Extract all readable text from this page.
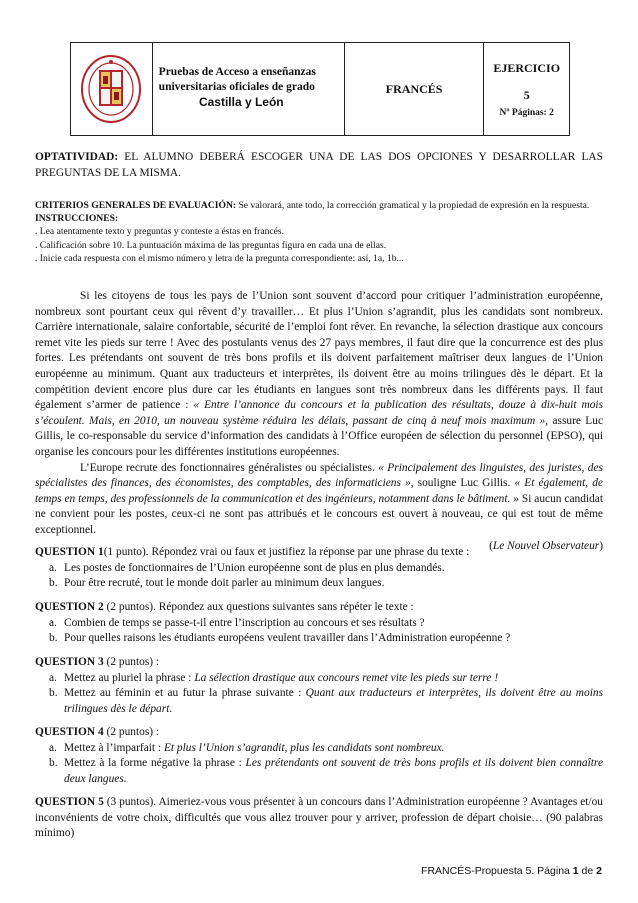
Pruebas de Acceso a enseñanzas
universitarias oficiales de grado
Castilla y León
FRANCÉS
EJERCICIO
5
Nº Páginas: 2
OPTATIVIDAD: EL ALUMNO DEBERÁ ESCOGER UNA DE LAS DOS OPCIONES Y DESARROLLAR LAS PREGUNTAS DE LA MISMA.
CRITERIOS GENERALES DE EVALUACIÓN: Se valorará, ante todo, la corrección gramatical y la propiedad de expresión en la respuesta.
INSTRUCCIONES:
. Lea atentamente texto y preguntas y conteste a éstas en francés.
. Calificación sobre 10. La puntuación máxima de las preguntas figura en cada una de ellas.
. Inicie cada respuesta con el mismo número y letra de la pregunta correspondiente: así, 1a, 1b...
Si les citoyens de tous les pays de l’Union sont souvent d’accord pour critiquer l’administration européenne, nombreux sont pourtant ceux qui rêvent d’y travailler… Et plus l’Union s’agrandit, plus les candidats sont nombreux. Carrière internationale, salaire confortable, sécurité de l’emploi font rêver. En revanche, la sélection drastique aux concours remet vite les pieds sur terre ! Avec des postulants venus des 27 pays membres, il faut dire que la concurrence est des plus fortes. Les prétendants ont souvent de très bons profils et ils doivent parfaitement maîtriser deux langues de l’Union européenne au minimum. Quant aux traducteurs et interprètes, ils doivent être au moins trilingues dès le départ. Et la compétition devient encore plus dure car les étudiants en langues sont très nombreux dans les différents pays. Il faut également s’armer de patience : « Entre l’annonce du concours et la publication des résultats, douze à dix-huit mois s’écoulent. Mais, en 2010, un nouveau système réduira les délais, passant de cinq à neuf mois maximum », assure Luc Gillis, le co-responsable du service d’information des candidats à l’Office européen de sélection du personnel (EPSO), qui organise les concours pour les différentes institutions européennes.
L’Europe recrute des fonctionnaires généralistes ou spécialistes. « Principalement des linguistes, des juristes, des spécialistes des finances, des économistes, des comptables, des informaticiens », souligne Luc Gillis. « Et également, de temps en temps, des professionnels de la communication et des ingénieurs, notamment dans le bâtiment. » Si aucun candidat ne convient pour les postes, ceux-ci ne sont pas attribués et le concours est ouvert à nouveau, ce qui est tout de même exceptionnel.
(Le Nouvel Observateur)
QUESTION 1(1 punto). Répondez vrai ou faux et justifiez la réponse par une phrase du texte :
a. Les postes de fonctionnaires de l’Union européenne sont de plus en plus demandés.
b. Pour être recruté, tout le monde doit parler au minimum deux langues.
QUESTION 2 (2 puntos). Répondez aux questions suivantes sans répéter le texte :
a. Combien de temps se passe-t-il entre l’inscription au concours et ses résultats ?
b. Pour quelles raisons les étudiants européens veulent travailler dans l’Administration européenne ?
QUESTION 3 (2 puntos) :
a. Mettez au pluriel la phrase : La sélection drastique aux concours remet vite les pieds sur terre !
b. Mettez au féminin et au futur la phrase suivante : Quant aux traducteurs et interprètes, ils doivent être au moins trilingues dès le départ.
QUESTION 4 (2 puntos) :
a. Mettez à l’imparfait : Et plus l’Union s’agrandit, plus les candidats sont nombreux.
b. Mettez à la forme négative la phrase : Les prétendants ont souvent de très bons profils et ils doivent bien connaître deux langues.
QUESTION 5 (3 puntos). Aimeriez-vous vous présenter à un concours dans l’Administration européenne ? Avantages et/ou inconvénients de votre choix, difficultés que vous allez trouver pour y arriver, profession de départ choisie… (90 palabras mínimo)
FRANCÉS-Propuesta 5. Página 1 de 2
